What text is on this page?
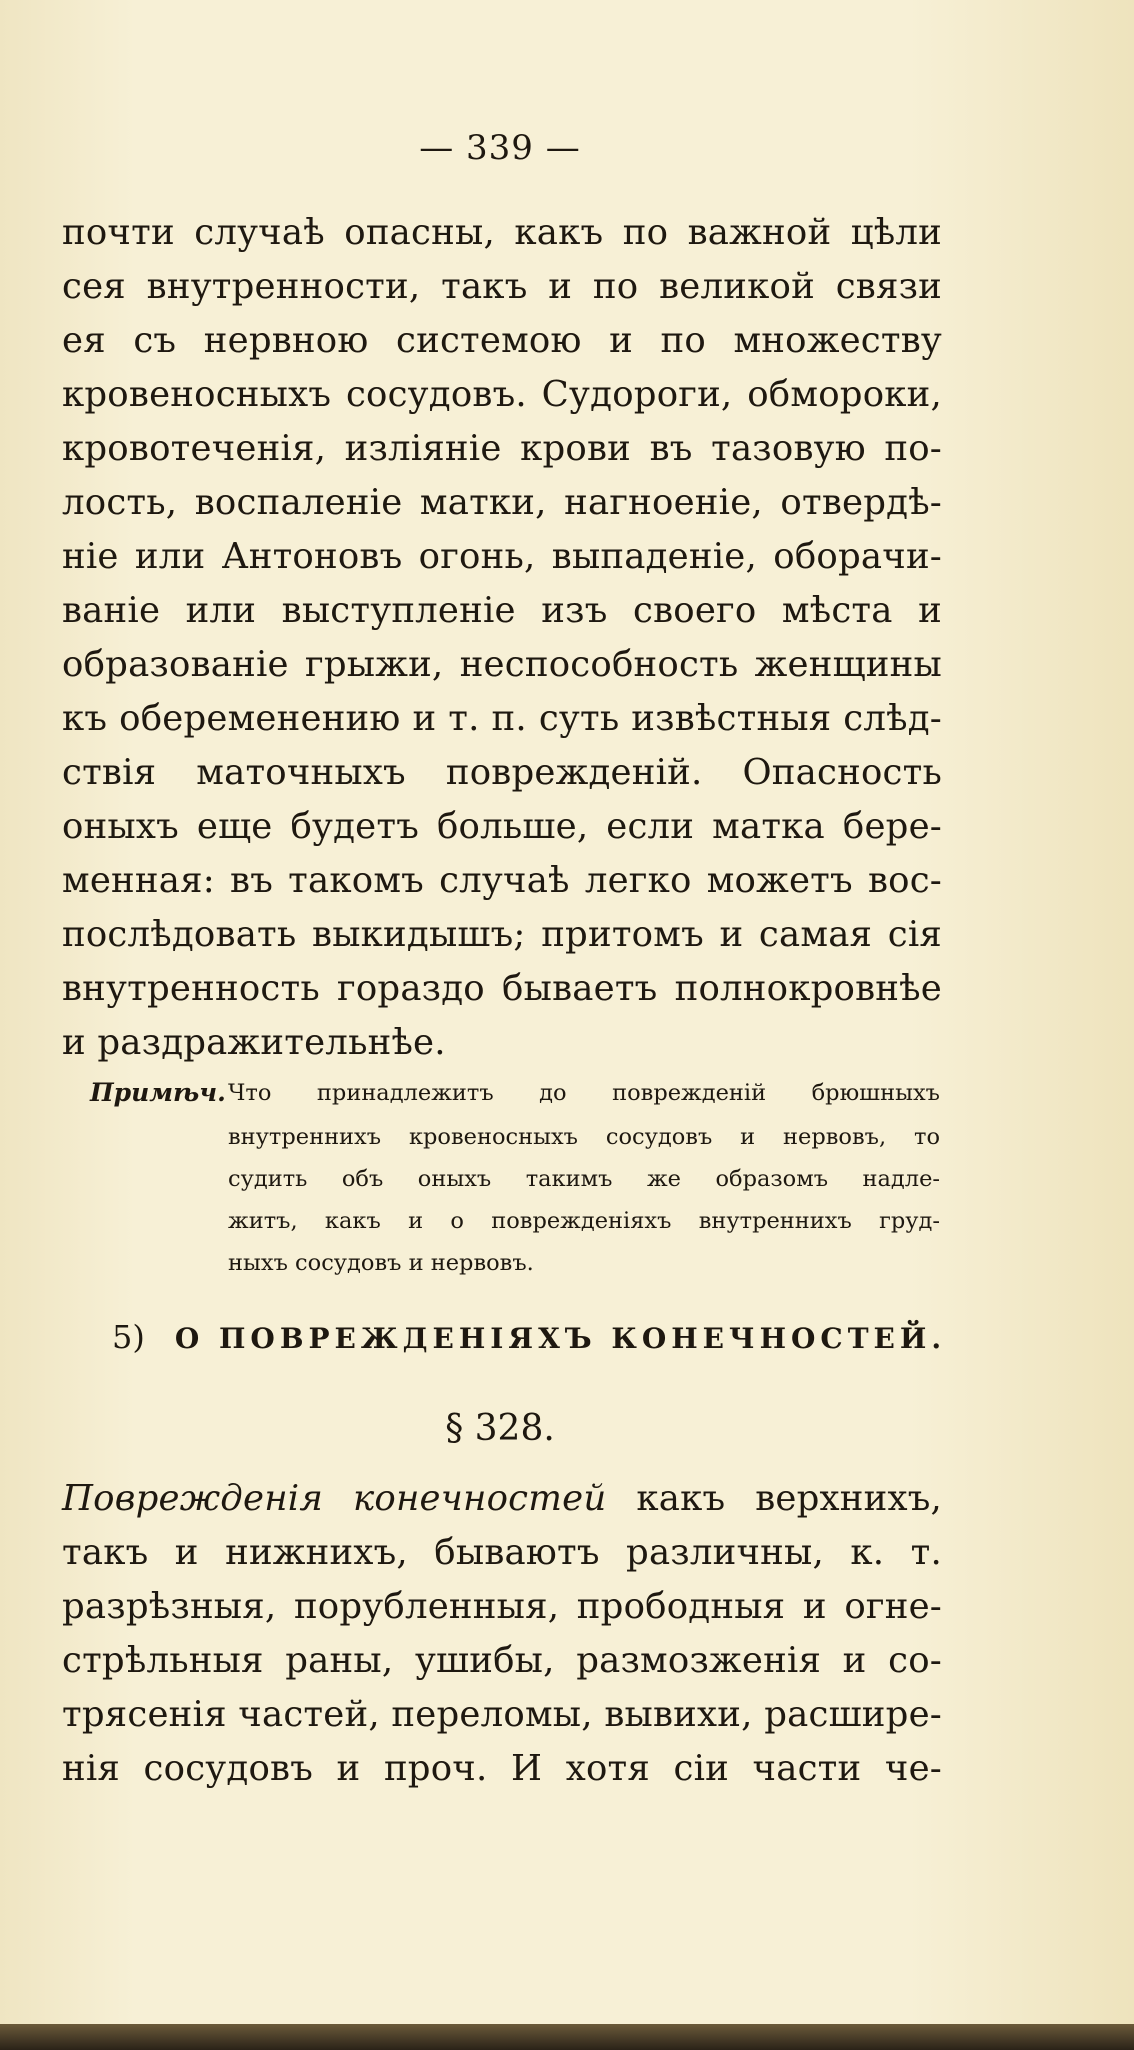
— 339 —
почти случаѣ опасны, какъ по важной цѣли
сея внутренности, такъ и по великой связи
ея съ нервною системою и по множеству
кровеносныхъ сосудовъ. Судороги, обмороки,
кровотеченія, изліяніе крови въ тазовую по-
лость, воспаленіе матки, нагноеніе, отвердѣ-
ніе или Антоновъ огонь, выпаденіе, оборачи-
ваніе или выступленіе изъ своего мѣста и
образованіе грыжи, неспособность женщины
къ обеременению и т. п. суть извѣстныя слѣд-
ствія маточныхъ поврежденій. Опасность
оныхъ еще будетъ больше, если матка бере-
менная: въ такомъ случаѣ легко можетъ вос-
послѣдовать выкидышъ; притомъ и самая сія
внутренность гораздо бываетъ полнокровнѣе
и раздражительнѣе.
Примѣч. Что принадлежитъ до поврежденій брюшныхъ
внутреннихъ кровеносныхъ сосудовъ и нервовъ, то
судить объ оныхъ такимъ же образомъ надле-
житъ, какъ и о поврежденіяхъ внутреннихъ груд-
ныхъ сосудовъ и нервовъ.
5) О ПОВРЕЖДЕНІЯХЪ КОНЕЧНОСТЕЙ.
§ 328.
Поврежденія конечностей какъ верхнихъ,
такъ и нижнихъ, бываютъ различны, к. т.
разрѣзныя, порубленныя, прободныя и огне-
стрѣльныя раны, ушибы, размозженія и со-
трясенія частей, переломы, вывихи, расшире-
нія сосудовъ и проч. И хотя сіи части че-
